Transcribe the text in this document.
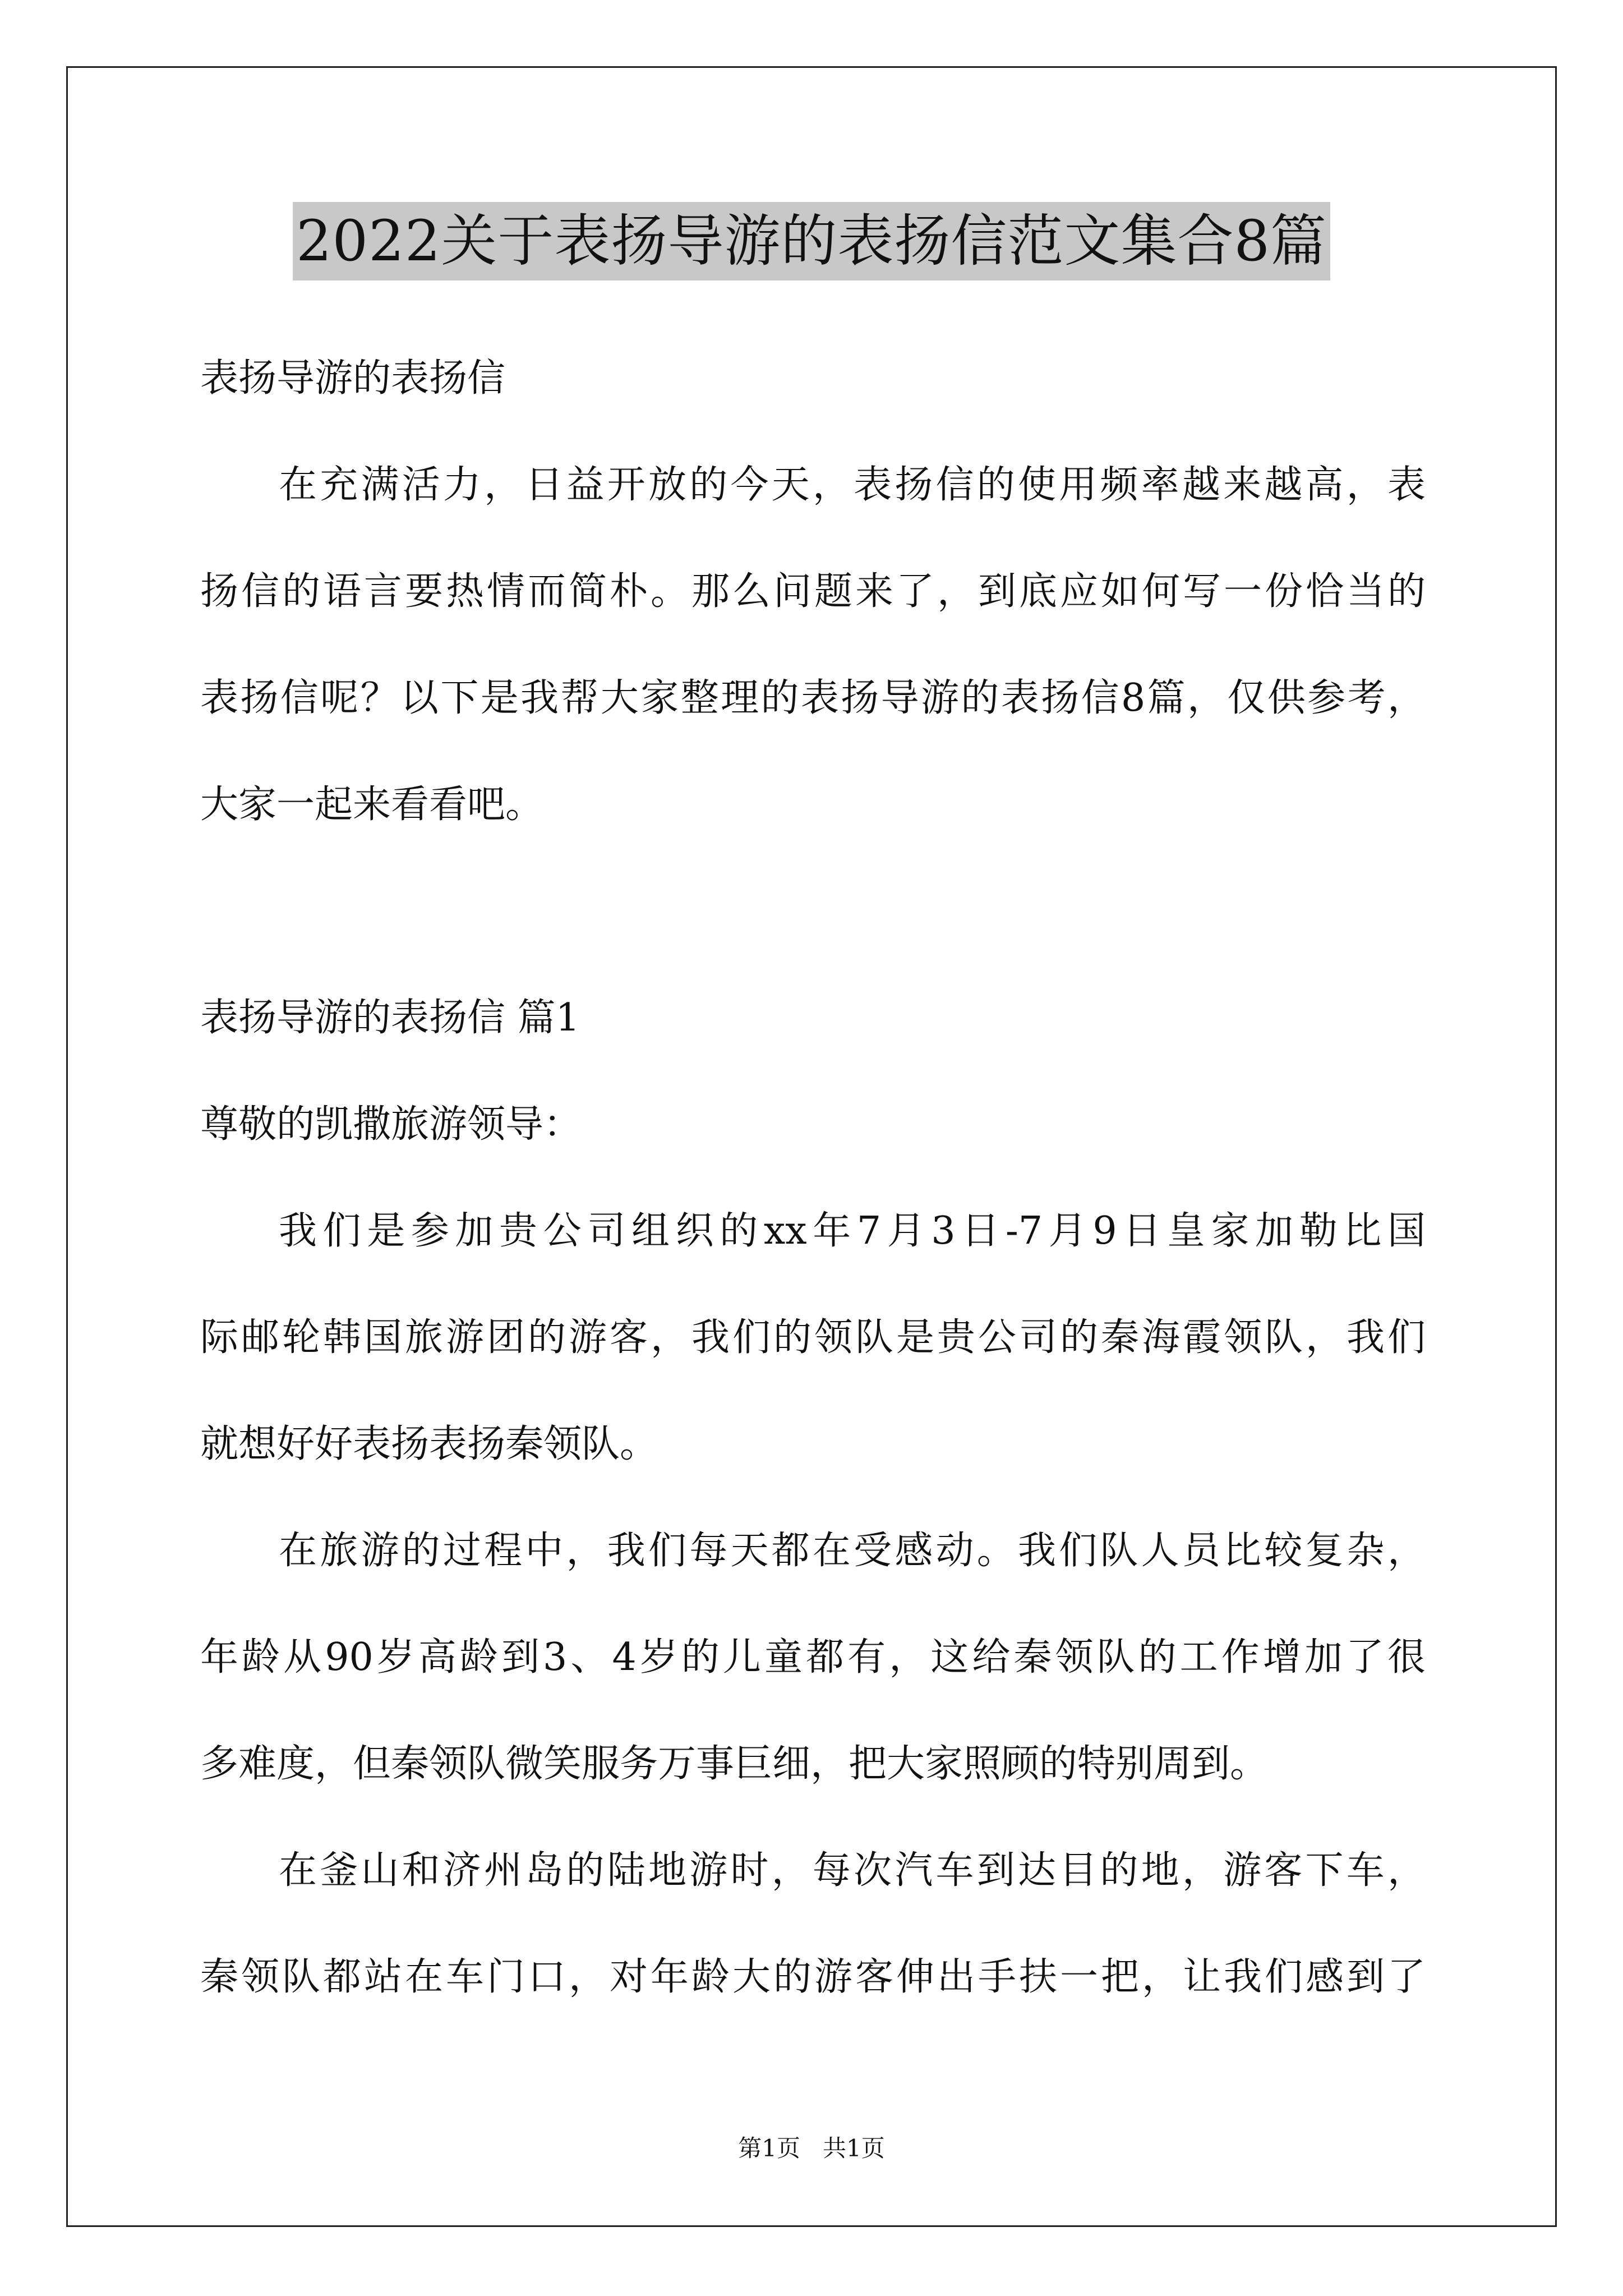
2022关于表扬导游的表扬信范文集合8篇
表扬导游的表扬信
在充满活力，日益开放的今天，表扬信的使用频率越来越高，表
扬信的语言要热情而简朴。那么问题来了，到底应如何写一份恰当的
表扬信呢？以下是我帮大家整理的表扬导游的表扬信8篇，仅供参考，
大家一起来看看吧。
表扬导游的表扬信 篇1
尊敬的凯撒旅游领导：
我们是参加贵公司组织的xx年7月3日-7月9日皇家加勒比国
际邮轮韩国旅游团的游客，我们的领队是贵公司的秦海霞领队，我们
就想好好表扬表扬秦领队。
在旅游的过程中，我们每天都在受感动。我们队人员比较复杂，
年龄从90岁高龄到3、4岁的儿童都有，这给秦领队的工作增加了很
多难度，但秦领队微笑服务万事巨细，把大家照顾的特别周到。
在釜山和济州岛的陆地游时，每次汽车到达目的地，游客下车，
秦领队都站在车门口，对年龄大的游客伸出手扶一把，让我们感到了
第1页   共1页
